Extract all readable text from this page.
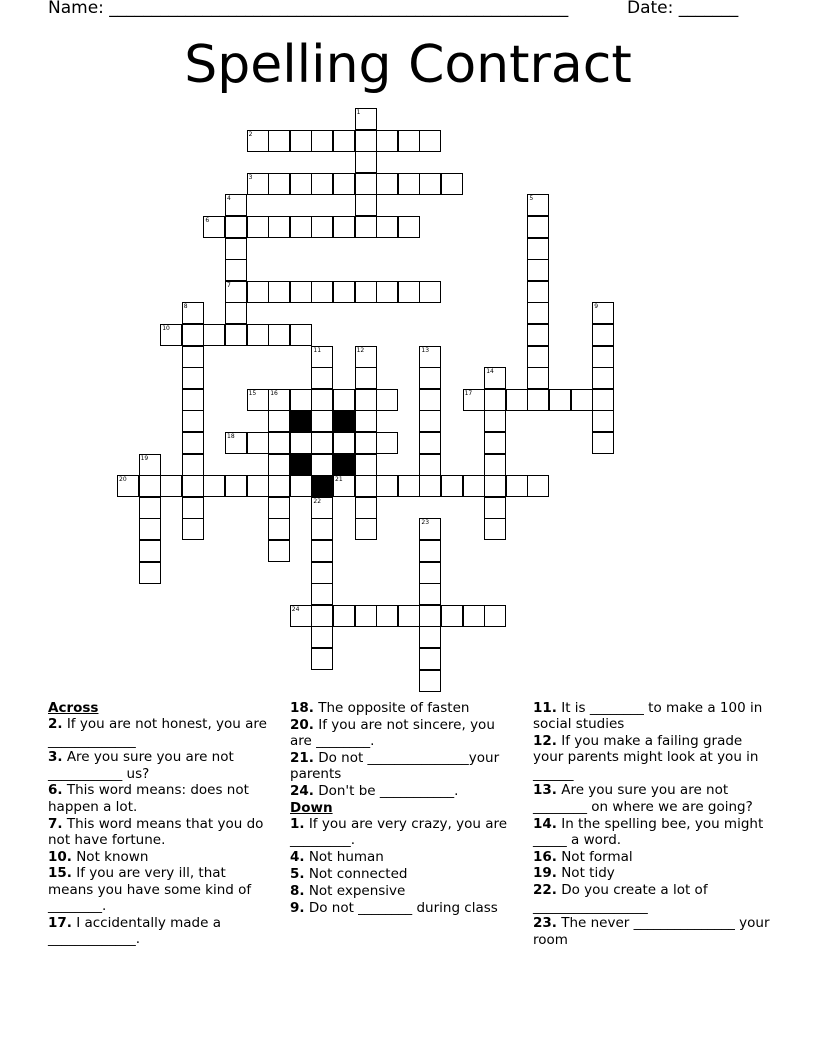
Name: ______________________________________________________	Date: _______
Spelling Contract
1
2
3
4
7
5
6
8	9
10
11
22
12	13
14
15 16	17
18
19
20	21
23
24
Across
2. If you are not honest, you are _____________
3. Are you sure you are not ___________ us?
6. This word means: does not happen a lot.
7. This word means that you do not have fortune.
10. Not known
15. If you are very ill, that means you have some kind of ________.
17. I accidentally made a _____________.
18. The opposite of fasten
20. If you are not sincere, you are ________.
21. Do not _______________your parents
24. Don't be ___________.
Down
1. If you are very crazy, you are _________.
4. Not human
5. Not connected
8. Not expensive
9. Do not ________ during class
11. It is ________ to make a 100 in social studies
12. If you make a failing grade your parents might look at you in ______
13. Are you sure you are not ________ on where we are going?
14. In the spelling bee, you might _____ a word.
16. Not formal
19. Not tidy
22. Do you create a lot of _________________
23. The never _______________ your room
